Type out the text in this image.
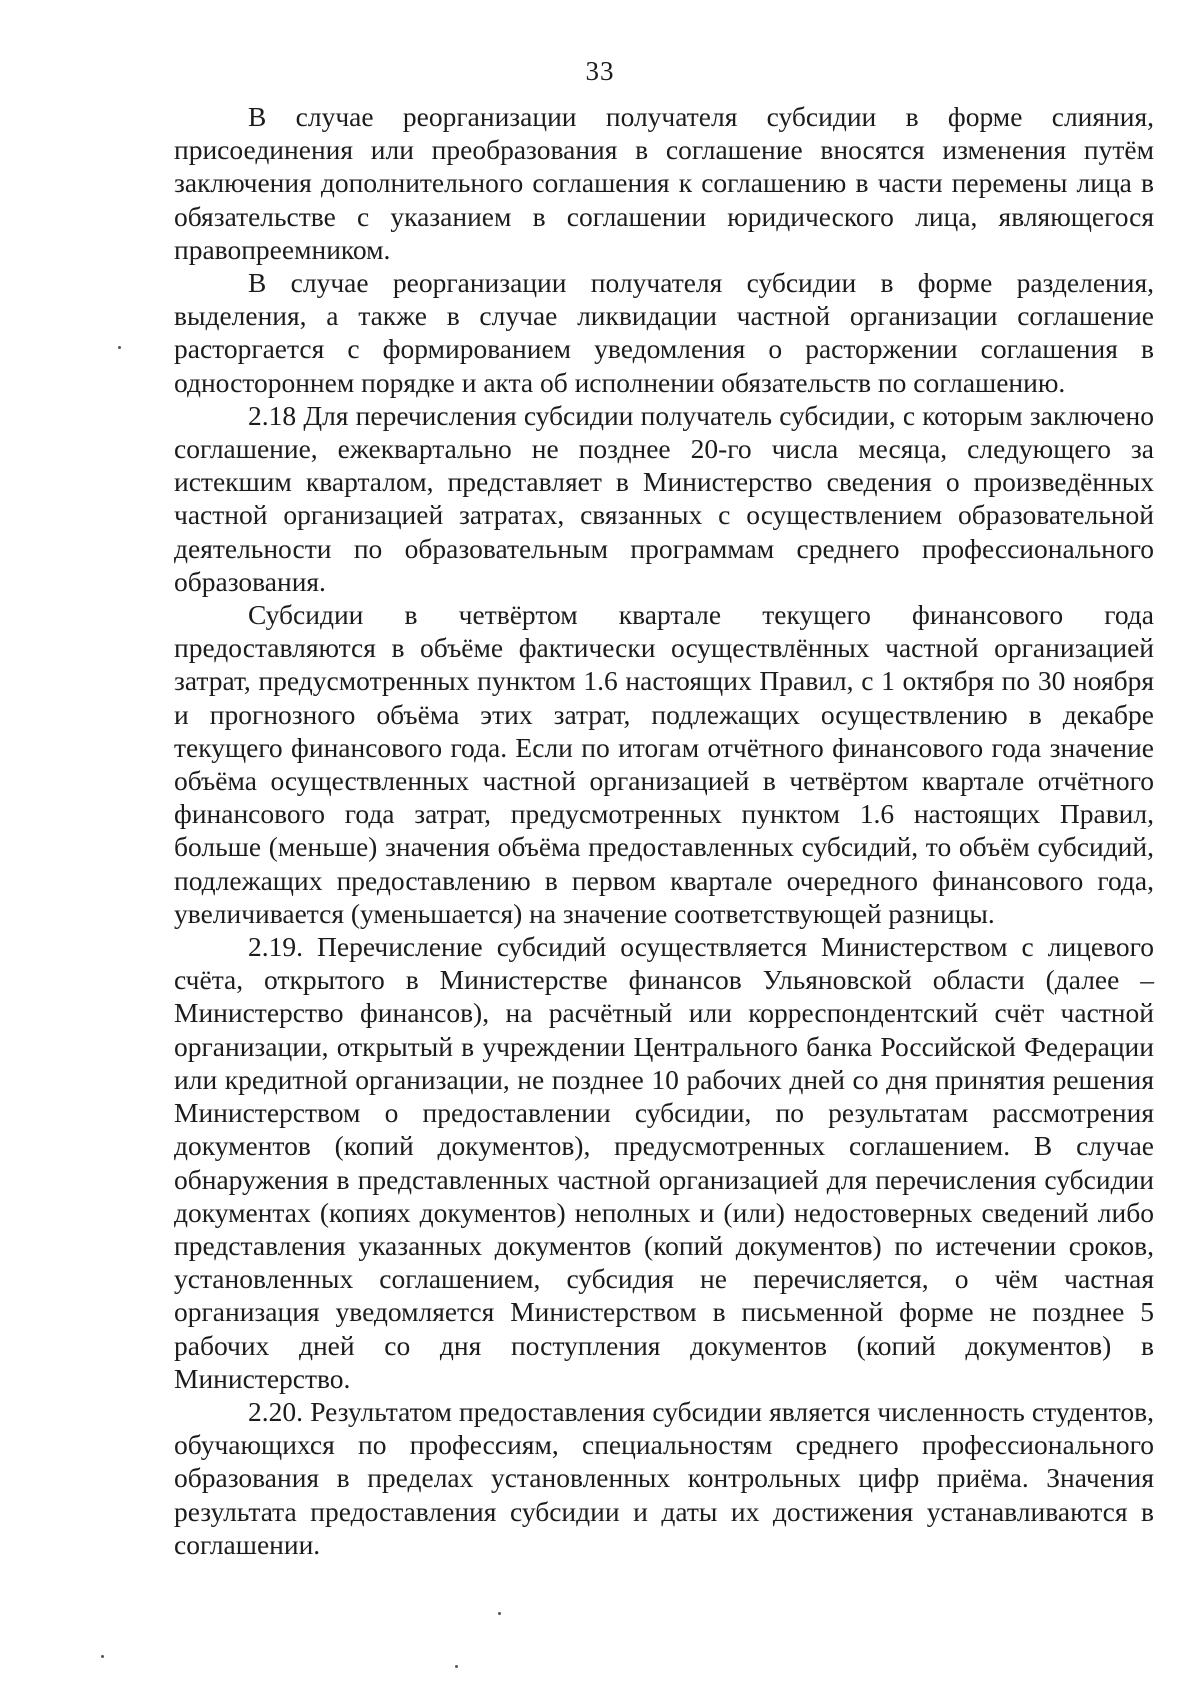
33

В случае реорганизации получателя субсидии в форме слияния, присоединения или преобразования в соглашение вносятся изменения путём заключения дополнительного соглашения к соглашению в части перемены лица в обязательстве с указанием в соглашении юридического лица, являющегося правопреемником.

В случае реорганизации получателя субсидии в форме разделения, выделения, а также в случае ликвидации частной организации соглашение расторгается с формированием уведомления о расторжении соглашения в одностороннем порядке и акта об исполнении обязательств по соглашению.

2.18 Для перечисления субсидии получатель субсидии, с которым заключено соглашение, ежеквартально не позднее 20-го числа месяца, следующего за истекшим кварталом, представляет в Министерство сведения о произведённых частной организацией затратах, связанных с осуществлением образовательной деятельности по образовательным программам среднего профессионального образования.

Субсидии в четвёртом квартале текущего финансового года предоставляются в объёме фактически осуществлённых частной организацией затрат, предусмотренных пунктом 1.6 настоящих Правил, с 1 октября по 30 ноября и прогнозного объёма этих затрат, подлежащих осуществлению в декабре текущего финансового года. Если по итогам отчётного финансового года значение объёма осуществленных частной организацией в четвёртом квартале отчётного финансового года затрат, предусмотренных пунктом 1.6 настоящих Правил, больше (меньше) значения объёма предоставленных субсидий, то объём субсидий, подлежащих предоставлению в первом квартале очередного финансового года, увеличивается (уменьшается) на значение соответствующей разницы.

2.19. Перечисление субсидий осуществляется Министерством с лицевого счёта, открытого в Министерстве финансов Ульяновской области (далее – Министерство финансов), на расчётный или корреспондентский счёт частной организации, открытый в учреждении Центрального банка Российской Федерации или кредитной организации, не позднее 10 рабочих дней со дня принятия решения Министерством о предоставлении субсидии, по результатам рассмотрения документов (копий документов), предусмотренных соглашением. В случае обнаружения в представленных частной организацией для перечисления субсидии документах (копиях документов) неполных и (или) недостоверных сведений либо представления указанных документов (копий документов) по истечении сроков, установленных соглашением, субсидия не перечисляется, о чём частная организация уведомляется Министерством в письменной форме не позднее 5 рабочих дней со дня поступления документов (копий документов) в Министерство.

2.20. Результатом предоставления субсидии является численность студентов, обучающихся по профессиям, специальностям среднего профессионального образования в пределах установленных контрольных цифр приёма. Значения результата предоставления субсидии и даты их достижения устанавливаются в соглашении.
